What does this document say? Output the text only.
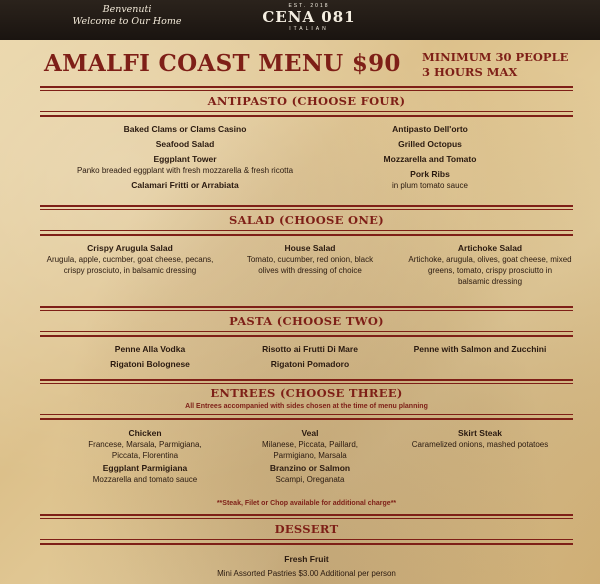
Benvenuti
Welcome to Our Home
EST. 2018
CENA 081
ITALIAN
AMALFI COAST MENU $90 MINIMUM 30 PEOPLE
3 HOURS MAX
ANTIPASTO (CHOOSE FOUR)
Baked Clams or Clams Casino
Seafood Salad
Eggplant Tower
Panko breaded eggplant with fresh mozzarella & fresh ricotta
Calamari Fritti or Arrabiata
Antipasto Dell'orto
Grilled Octopus
Mozzarella and Tomato
Pork Ribs
in plum tomato sauce
SALAD (CHOOSE ONE)
Crispy Arugula Salad
Arugula, apple, cucmber, goat cheese, pecans,
crispy prosciuto, in balsamic dressing
House Salad
Tomato, cucumber, red onion, black
olives with dressing of choice
Artichoke Salad
Artichoke, arugula, olives, goat cheese, mixed
greens, tomato, crispy prosciutto in
balsamic dressing
PASTA (CHOOSE TWO)
Penne Alla Vodka
Rigatoni Bolognese
Risotto ai Frutti Di Mare
Rigatoni Pomadoro
Penne with Salmon and Zucchini
ENTREES (CHOOSE THREE)
All Entrees accompanied with sides chosen at the time of menu planning
Chicken
Francese, Marsala, Parmigiana,
Piccata, Florentina
Eggplant Parmigiana
Mozzarella and tomato sauce
Veal
Milanese, Piccata, Paillard,
Parmigiano, Marsala
Branzino or Salmon
Scampi, Oreganata
Skirt Steak
Caramelized onions, mashed potatoes
**Steak, Filet or Chop available for additional charge**
DESSERT
Fresh Fruit
Mini Assorted Pastries $3.00 Additional per person
